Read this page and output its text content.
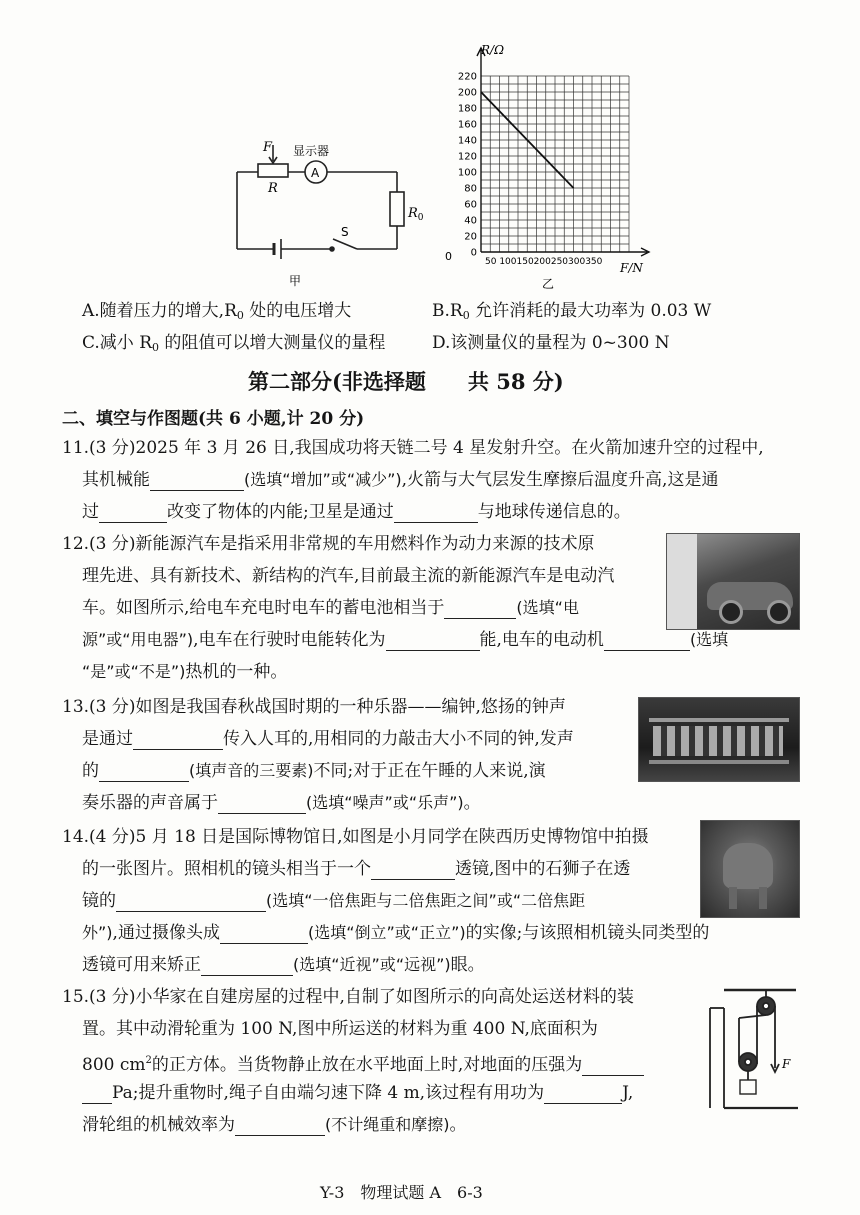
F 显示器
A
R
$R_0$
S
甲
220
200
180
160
140
120
100
80
60
40
20
0
R/Ω
F/N
50 100150200250300350
0
乙
A.随着压力的增大$,R_0$ 处的电压增大	$B.R_0$ 允许消耗的最大功率为 0.03 W
C.减小 $R_0$ 的阻值可以增大测量仪的量程	D.该测量仪的量程为 0~300 N
第二部分(非选择题　　共 58 分)
二、填空与作图题(共 6 小题,计 20 分)
11.(3 分)2025 年 3 月 26 日,我国成功将天链二号 4 星发射升空。在火箭加速升空的过程中,
其机械能	(选填“增加”或“减少”),火箭与大气层发生摩擦后温度升高,这是通
过	改变了物体的内能;卫星是通过	与地球传递信息的。
12.(3 分)新能源汽车是指采用非常规的车用燃料作为动力来源的技术原
理先进、具有新技术、新结构的汽车,目前最主流的新能源汽车是电动汽
车。如图所示,给电车充电时电车的蓄电池相当于	(选填“电
源”或“用电器”),电车在行驶时电能转化为	能,电车的电动机	(选填
“是”或“不是”)热机的一种。
13.(3 分)如图是我国春秋战国时期的一种乐器——编钟,悠扬的钟声
是通过	传入人耳的,用相同的力敲击大小不同的钟,发声
的	(填声音的三要素)不同;对于正在午睡的人来说,演
奏乐器的声音属于	(选填“噪声”或“乐声”)。
14.(4 分)5 月 18 日是国际博物馆日,如图是小月同学在陕西历史博物馆中拍摄
的一张图片。照相机的镜头相当于一个	透镜,图中的石狮子在透
镜的	(选填“一倍焦距与二倍焦距之间”或“二倍焦距
外”),通过摄像头成	(选填“倒立”或“正立”)的实像;与该照相机镜头同类型的
透镜可用来矫正	(选填“近视”或“远视”)眼。
15.(3 分)小华家在自建房屋的过程中,自制了如图所示的向高处运送材料的装
置。其中动滑轮重为 100 N,图中所运送的材料为重 400 N,底面积为
800 $cm^2$的正方体。当货物静止放在水平地面上时,对地面的压强为
Pa;提升重物时,绳子自由端匀速下降 4 m,该过程有用功为	J,
滑轮组的机械效率为	(不计绳重和摩擦)。
F
Y-3　物理试题 A　6-3
